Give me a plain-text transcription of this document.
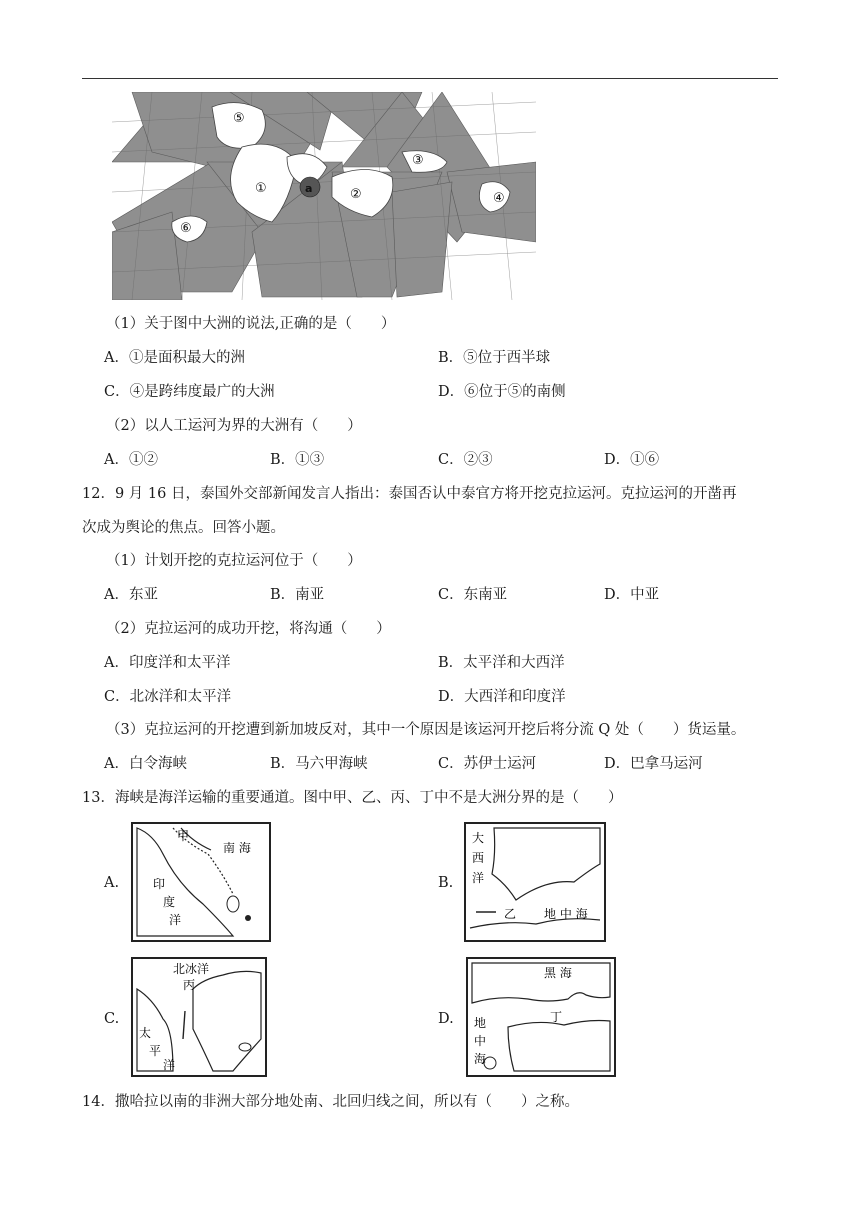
⑤
①	a	②
③
④
⑥
（1）关于图中大洲的说法,正确的是（　　）
A．①是面积最大的洲	B．⑤位于西半球
C．④是跨纬度最广的大洲	D．⑥位于⑤的南侧
（2）以人工运河为界的大洲有（　　）
A．①②	B．①③	C．②③	D．①⑥
12．9 月 16 日，泰国外交部新闻发言人指出：泰国否认中泰官方将开挖克拉运河。克拉运河的开凿再
次成为舆论的焦点。回答小题。
（1）计划开挖的克拉运河位于（　　）
A．东亚	B．南亚	C．东南亚	D．中亚
（2）克拉运河的成功开挖，将沟通（　　）
A．印度洋和太平洋	B．太平洋和大西洋
C．北冰洋和太平洋	D．大西洋和印度洋
（3）克拉运河的开挖遭到新加坡反对，其中一个原因是该运河开挖后将分流 Q 处（　　）货运量。
A．白令海峡	B．马六甲海峡	C．苏伊士运河	D．巴拿马运河
13．海峡是海洋运输的重要通道。图中甲、乙、丙、丁中不是大洲分界的是（　　）
A.
甲
南 海
印
度
洋
B.
大
西
洋
乙 地 中 海
C.
北冰洋
丙
太
平
洋
D.
黑 海
丁
地
中
海
14．撒哈拉以南的非洲大部分地处南、北回归线之间，所以有（　　）之称。
